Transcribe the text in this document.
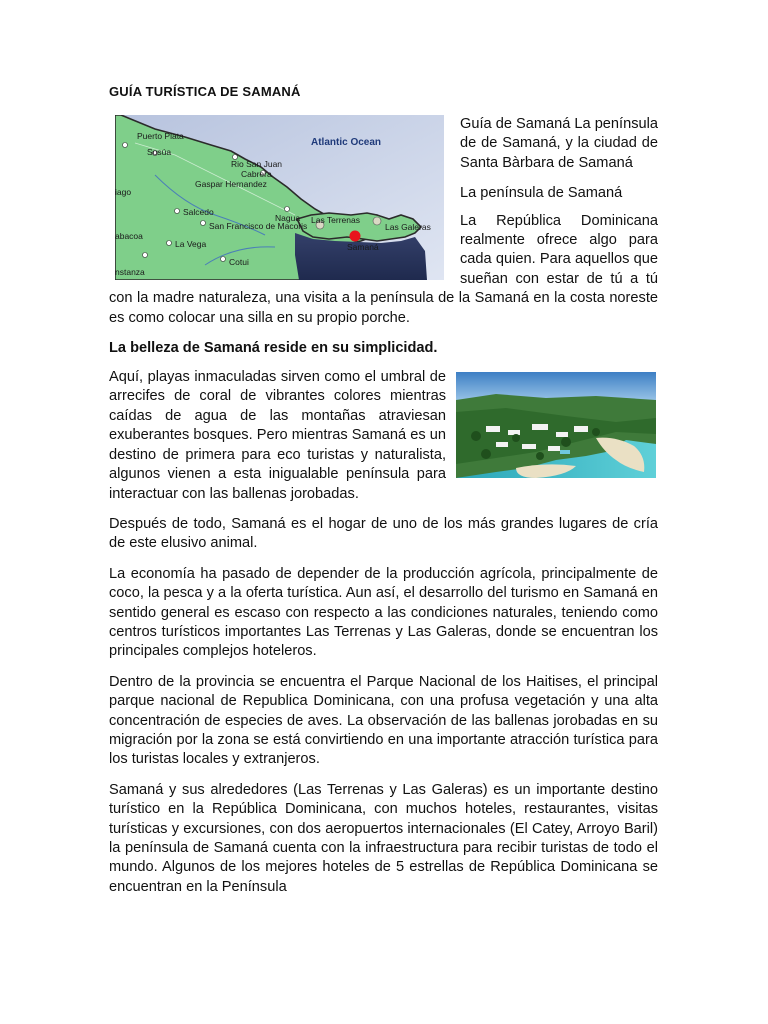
GUÍA TURÍSTICA DE SAMANÁ
Puerto Plata
Sosúa
Rio San Juan
Cabrera
Gaspar Hernandez
Salcedo
San Francisco de Macoris
Nagua Las Terrenas
Las Galeras
Samaná
La Vega
Cotui
iago
abacoa
nstanza
Atlantic Ocean

Guía de Samaná La península de de Samaná, y la ciudad de Santa Bàrbara de Samaná

La península de Samaná

La República Dominicana realmente ofrece algo para cada quien. Para aquellos que sueñan con estar de tú a tú con la madre naturaleza, una visita a la península de la Samaná en la costa noreste es como colocar una silla en su propio porche.

La belleza de Samaná reside en su simplicidad.

Aquí, playas inmaculadas sirven como el umbral de arrecifes de coral de vibrantes colores mientras caídas de agua de las montañas atraviesan exuberantes bosques. Pero mientras Samaná es un destino de primera para eco turistas y naturalista, algunos vienen a esta inigualable península para interactuar con las ballenas jorobadas.

Después de todo, Samaná es el hogar de uno de los más grandes lugares de cría de este elusivo animal.

La economía ha pasado de depender de la producción agrícola, principalmente de coco, la pesca y a la oferta turística. Aun así, el desarrollo del turismo en Samaná en sentido general es escaso con respecto a las condiciones naturales, teniendo como centros turísticos importantes Las Terrenas y Las Galeras, donde se encuentran los principales complejos hoteleros.

Dentro de la provincia se encuentra el Parque Nacional de los Haitises, el principal parque nacional de Republica Dominicana, con una profusa vegetación y una alta concentración de especies de aves. La observación de las ballenas jorobadas en su migración por la zona se está convirtiendo en una importante atracción turística para los turistas locales y extranjeros.

Samaná y sus alrededores (Las Terrenas y Las Galeras) es un importante destino turístico en la República Dominicana, con muchos hoteles, restaurantes, visitas turísticas y excursiones, con dos aeropuertos internacionales (El Catey, Arroyo Baril) la península de Samaná cuenta con la infraestructura para recibir turistas de todo el mundo. Algunos de los mejores hoteles de 5 estrellas de República Dominicana se encuentran en la Península
